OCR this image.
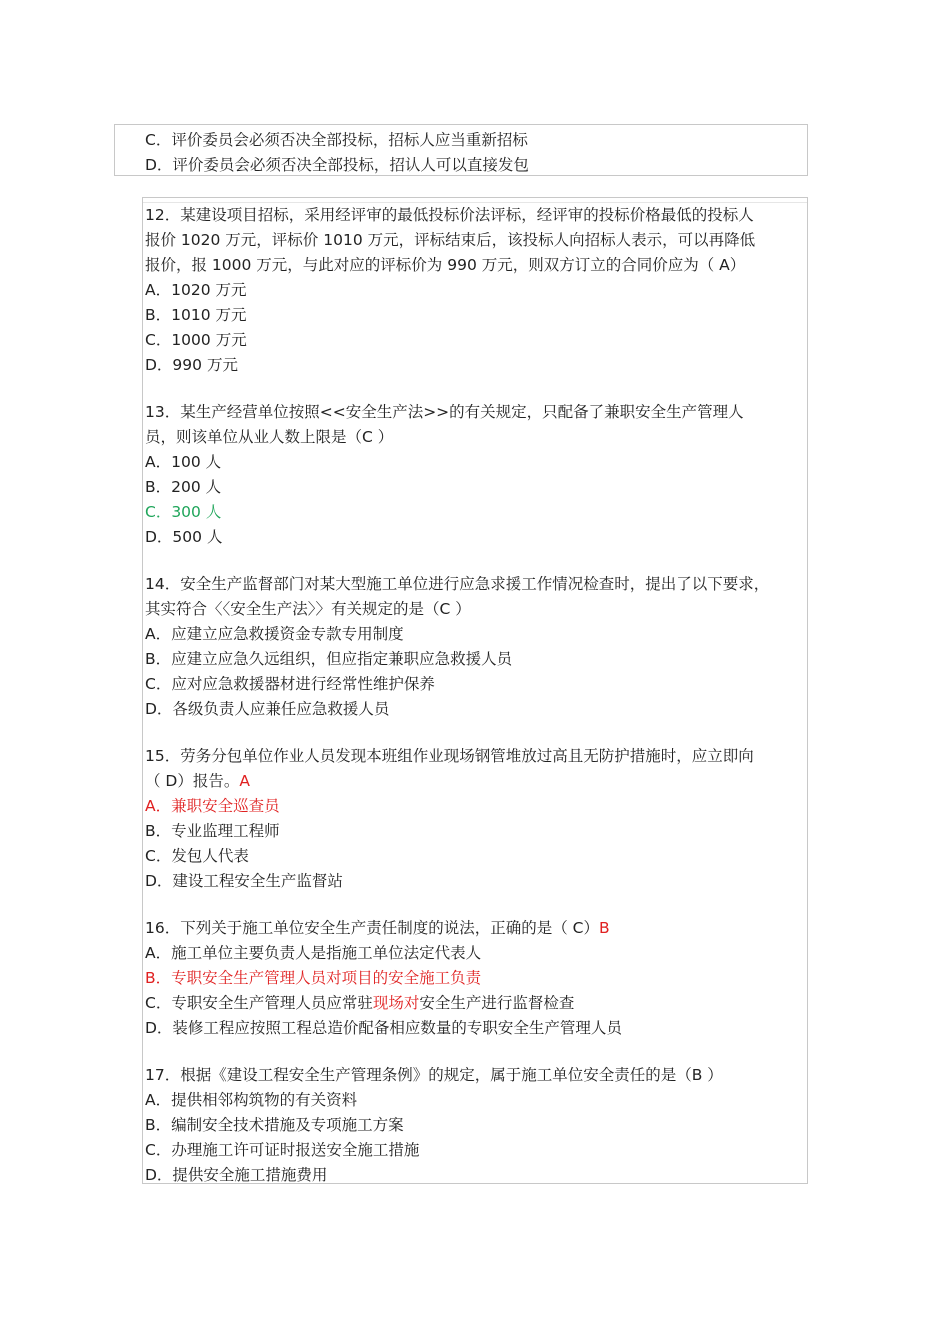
C．评价委员会必须否决全部投标，招标人应当重新招标
D．评价委员会必须否决全部投标，招认人可以直接发包
12．某建设项目招标，采用经评审的最低投标价法评标，经评审的投标价格最低的投标人
报价 1020 万元，评标价 1010 万元，评标结束后，该投标人向招标人表示，可以再降低
报价，报 1000 万元，与此对应的评标价为 990 万元，则双方订立的合同价应为（ A）
A．1020 万元
B．1010 万元
C．1000 万元
D．990 万元
13．某生产经营单位按照<<安全生产法>>的有关规定，只配备了兼职安全生产管理人
员，则该单位从业人数上限是（C ）
A．100 人
B．200 人
C．300 人
D．500 人
14．安全生产监督部门对某大型施工单位进行应急求援工作情况检查时，提出了以下要求，
其实符合〈〈安全生产法〉〉有关规定的是（C ）
A．应建立应急救援资金专款专用制度
B．应建立应急久远组织，但应指定兼职应急救援人员
C．应对应急救援器材进行经常性维护保养
D．各级负责人应兼任应急救援人员
15．劳务分包单位作业人员发现本班组作业现场钢管堆放过高且无防护措施时，应立即向
（ D）报告。A
A．兼职安全巡查员
B．专业监理工程师
C．发包人代表
D．建设工程安全生产监督站
16．下列关于施工单位安全生产责任制度的说法，正确的是（ C）B
A．施工单位主要负责人是指施工单位法定代表人
B．专职安全生产管理人员对项目的安全施工负责
C．专职安全生产管理人员应常驻现场对安全生产进行监督检查
D．装修工程应按照工程总造价配备相应数量的专职安全生产管理人员
17．根据《建设工程安全生产管理条例》的规定，属于施工单位安全责任的是（B ）
A．提供相邻构筑物的有关资料
B．编制安全技术措施及专项施工方案
C．办理施工许可证时报送安全施工措施
D．提供安全施工措施费用
